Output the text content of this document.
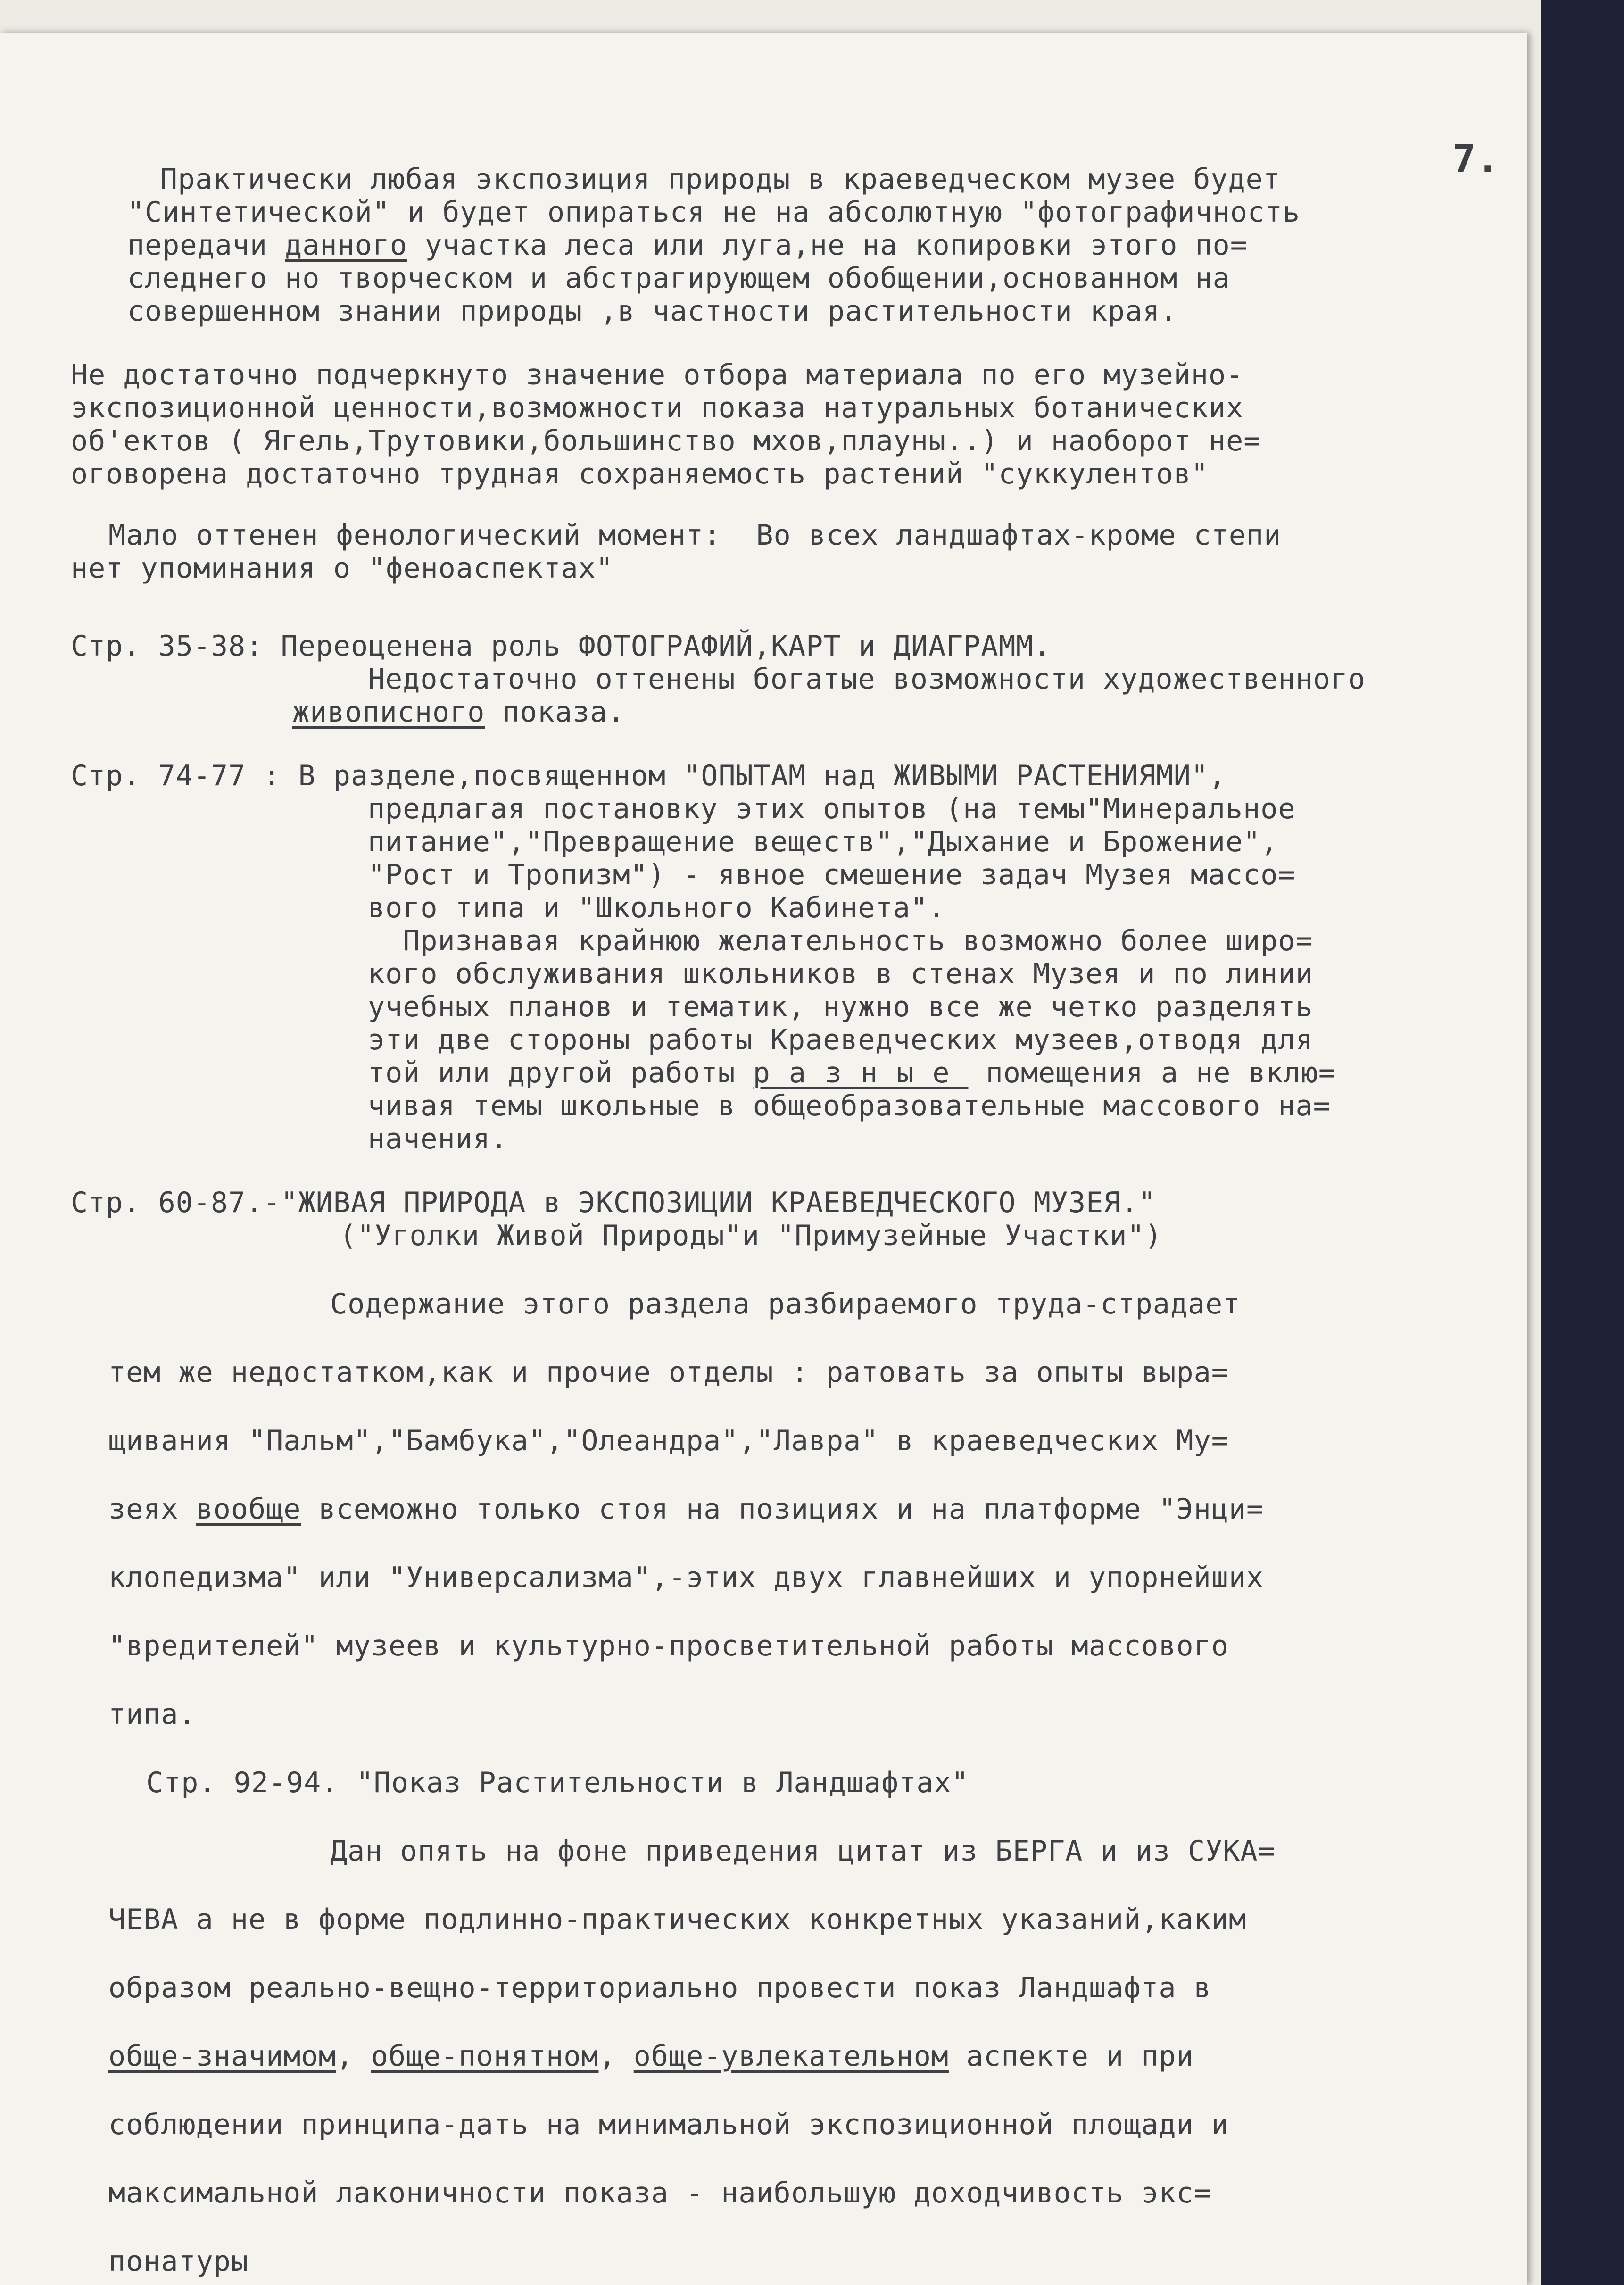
7.
Практически любая экспозиция природы в краеведческом музее будет
"Синтетической" и будет опираться не на абсолютную "фотографичность
передачи данного участка леса или луга,не на копировки этого по=
следнего но творческом и абстрагирующем обобщении,основанном на
совершенном знании природы ,в частности растительности края.
Не достаточно подчеркнуто значение отбора материала по его музейно-
экспозиционной ценности,возможности показа натуральных ботанических
об'ектов ( Ягель,Трутовики,большинство мхов,плауны..) и наоборот не=
оговорена достаточно трудная сохраняемость растений "суккулентов"
Мало оттенен фенологический момент:  Во всех ландшафтах-кроме степи
нет упоминания о "феноаспектах"
Стр. 35-38: Переоценена роль ФОТОГРАФИЙ,КАРТ и ДИАГРАММ.
Недостаточно оттенены богатые возможности художественного
живописного показа.
Стр. 74-77 : В разделе,посвященном "ОПЫТАМ над ЖИВЫМИ РАСТЕНИЯМИ",
предлагая постановку этих опытов (на темы"Минеральное
питание","Превращение веществ","Дыхание и Брожение",
"Рост и Тропизм") - явное смешение задач Музея массо=
вого типа и "Школьного Кабинета".
Признавая крайнюю желательность возможно более широ=
кого обслуживания школьников в стенах Музея и по линии
учебных планов и тематик, нужно все же четко разделять
эти две стороны работы Краеведческих музеев,отводя для
той или другой работы разные помещения а не вклю=
чивая темы школьные в общеобразовательные массового на=
начения.
Стр. 60-87.-"ЖИВАЯ ПРИРОДА в ЭКСПОЗИЦИИ КРАЕВЕДЧЕСКОГО МУЗЕЯ."
("Уголки Живой Природы"и "Примузейные Участки")
Содержание этого раздела разбираемого труда-страдает
тем же недостатком,как и прочие отделы : ратовать за опыты выра=
щивания "Пальм","Бамбука","Олеандра","Лавра" в краеведческих Му=
зеях вообще всеможно только стоя на позициях и на платформе "Энци=
клопедизма" или "Универсализма",-этих двух главнейших и упорнейших
"вредителей" музеев и культурно-просветительной работы массового
типа.
Стр. 92-94. "Показ Растительности в Ландшафтах"
Дан опять на фоне приведения цитат из БЕРГА и из СУКА=
ЧЕВА а не в форме подлинно-практических конкретных указаний,каким
образом реально-вещно-территориально провести показ Ландшафта в
обще-значимом, обще-понятном, обще-увлекательном аспекте и при
соблюдении принципа-дать на минимальной экспозиционной площади и
максимальной лаконичности показа - наибольшую доходчивость экс=
понатуры
